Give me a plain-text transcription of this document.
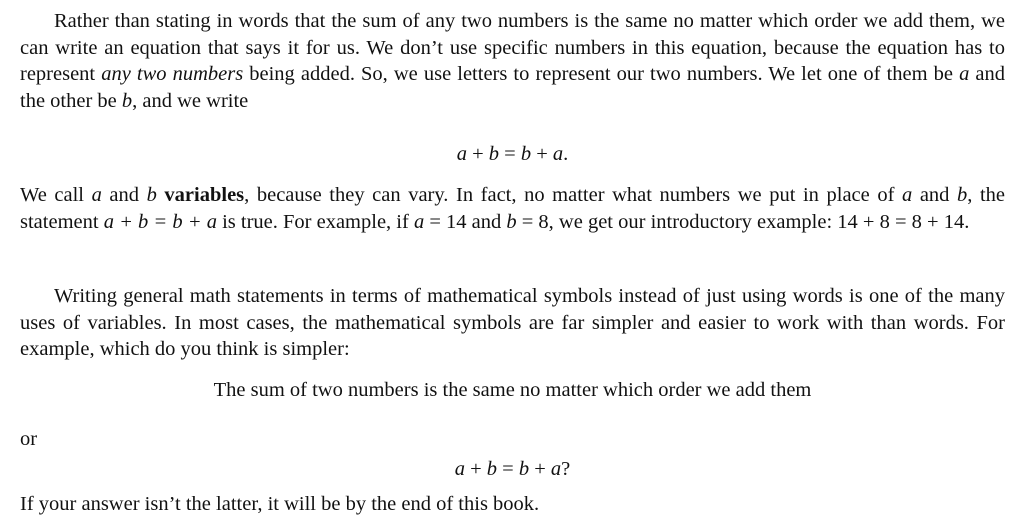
Rather than stating in words that the sum of any two numbers is the same no matter which order we add them, we can write an equation that says it for us. We don’t use specific numbers in this equation, because the equation has to represent any two numbers being added. So, we use letters to represent our two numbers. We let one of them be a and the other be b, and we write

a + b = b + a.

We call a and b variables, because they can vary. In fact, no matter what numbers we put in place of a and b, the statement a + b = b + a is true. For example, if a = 14 and b = 8, we get our introductory example: 14 + 8 = 8 + 14.

Writing general math statements in terms of mathematical symbols instead of just using words is one of the many uses of variables. In most cases, the mathematical symbols are far simpler and easier to work with than words. For example, which do you think is simpler:

The sum of two numbers is the same no matter which order we add them
or
a + b = b + a?

If your answer isn’t the latter, it will be by the end of this book.
